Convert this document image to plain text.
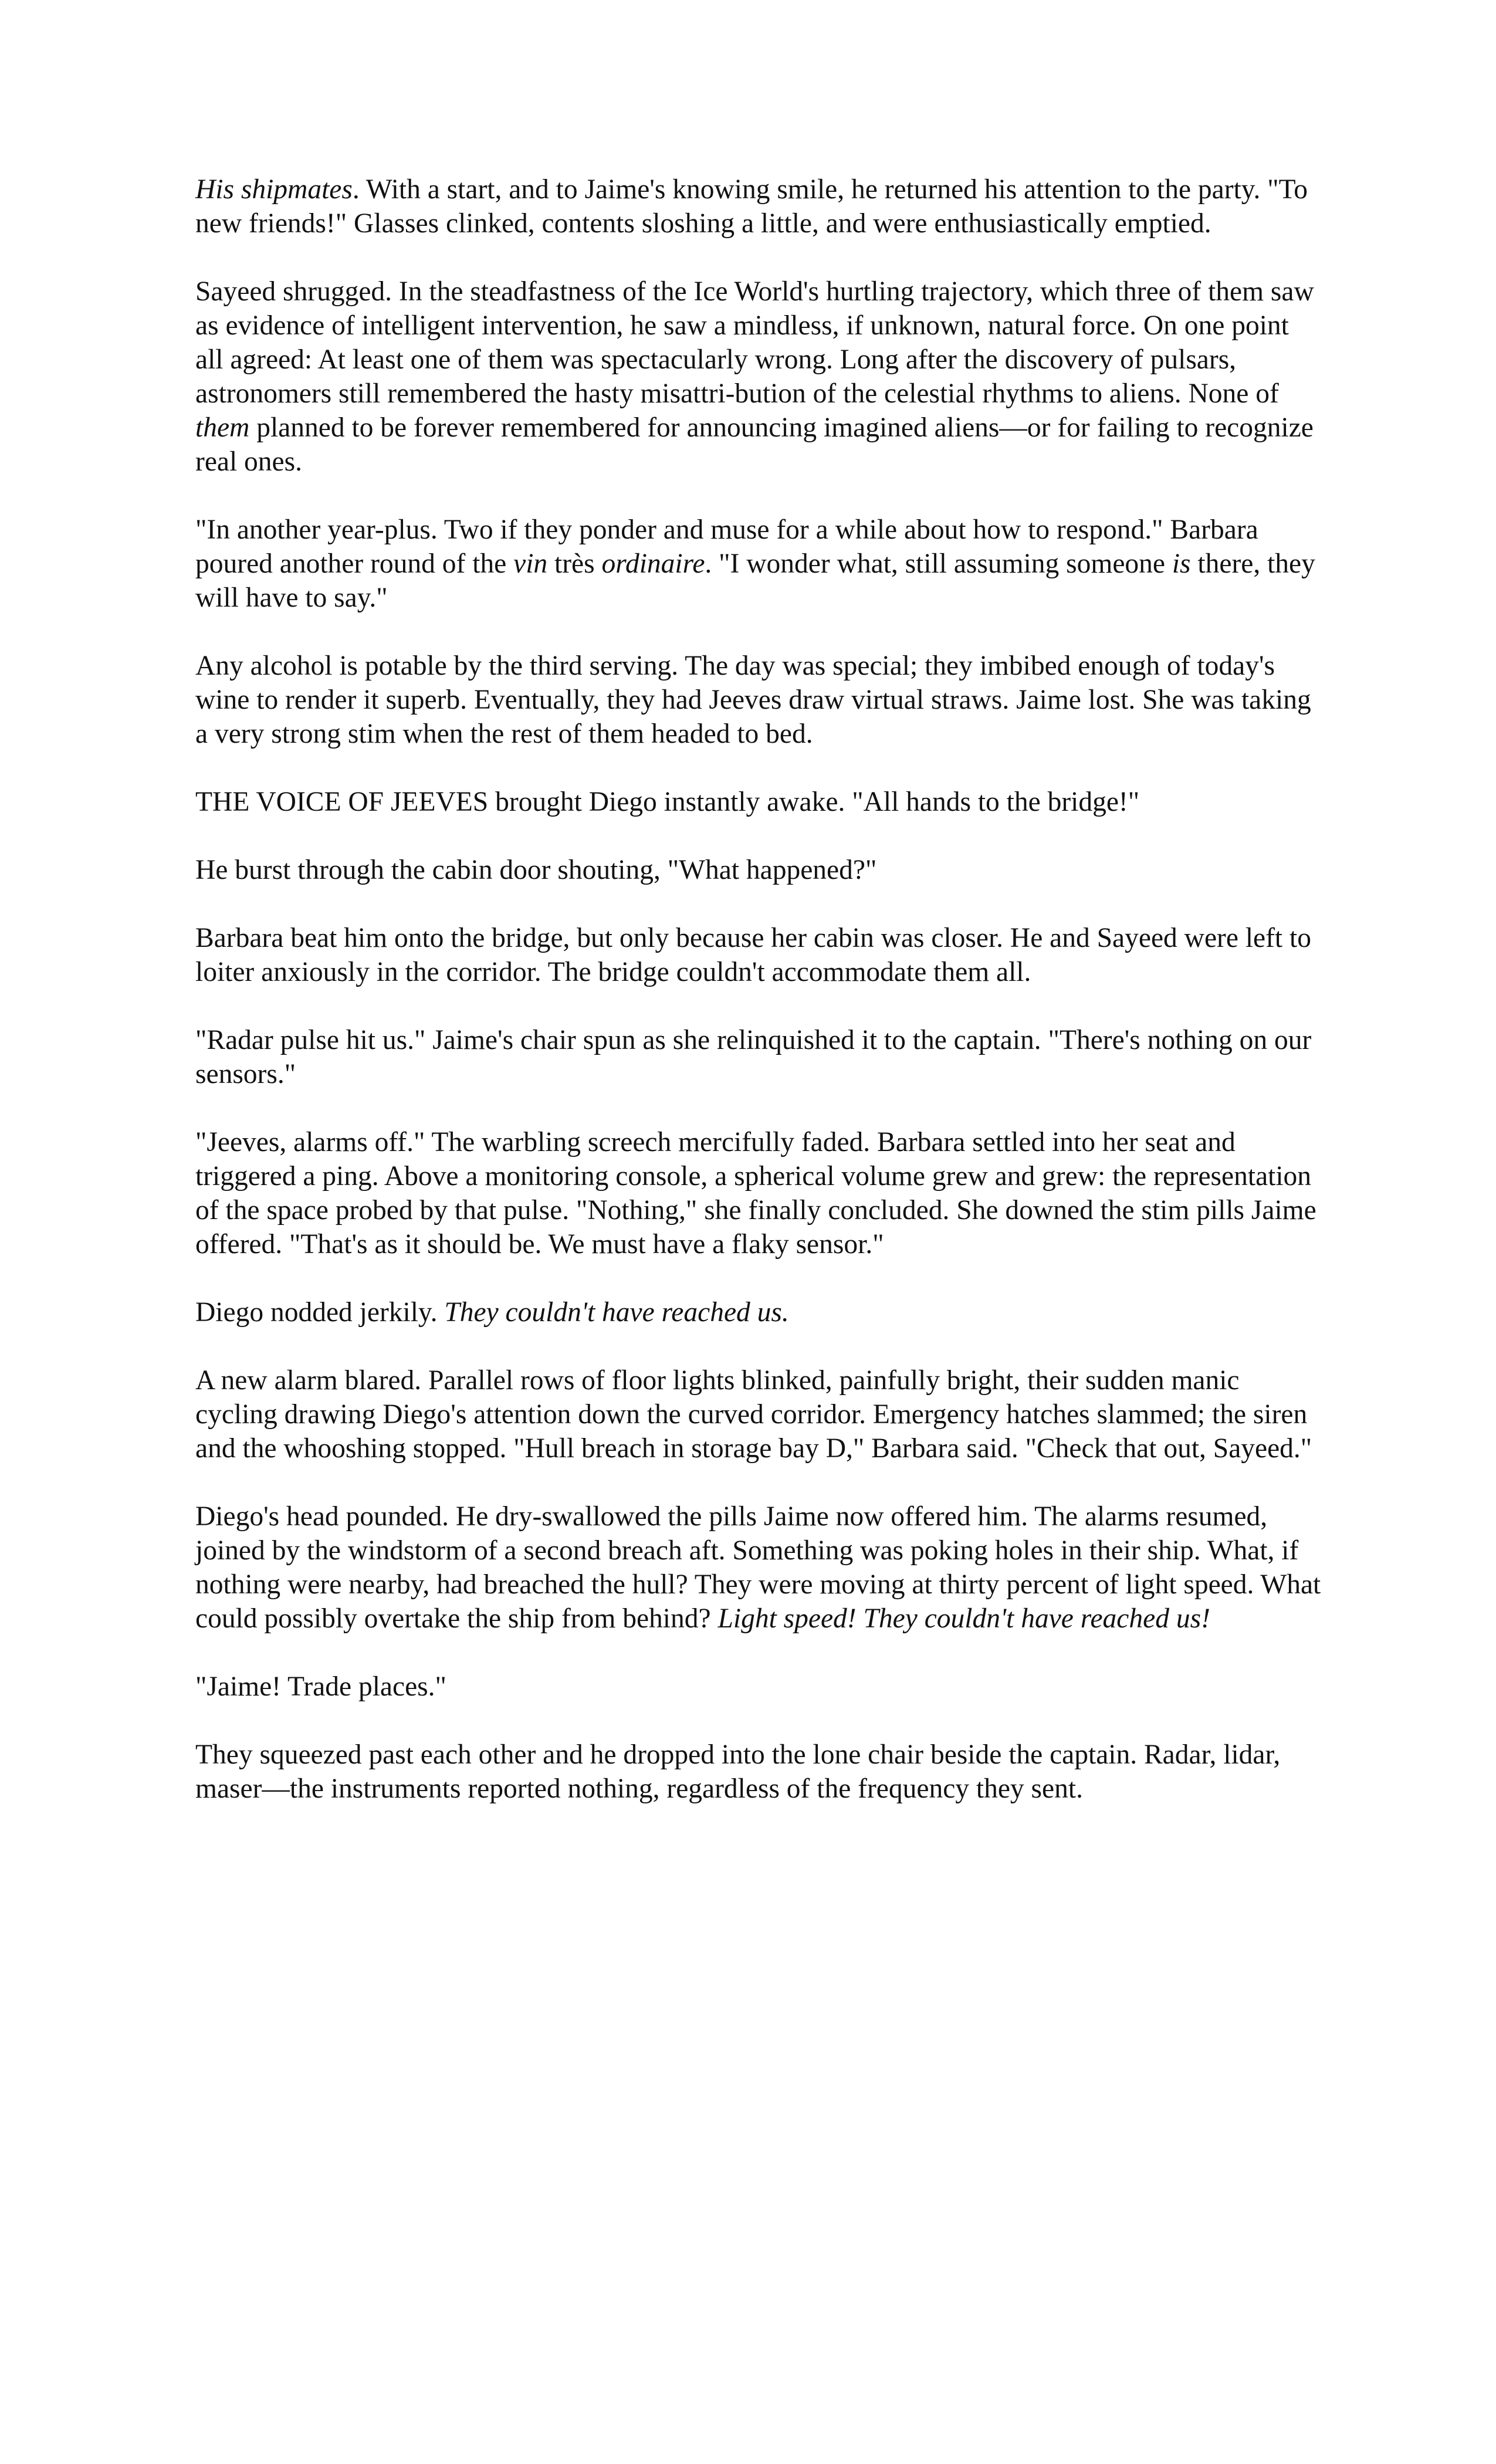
His shipmates. With a start, and to Jaime's knowing smile, he returned his attention to the party. "To new friends!" Glasses clinked, contents sloshing a little, and were enthusiastically emptied.

Sayeed shrugged. In the steadfastness of the Ice World's hurtling trajectory, which three of them saw as evidence of intelligent intervention, he saw a mindless, if unknown, natural force. On one point all agreed: At least one of them was spectacularly wrong. Long after the discovery of pulsars, astronomers still remembered the hasty misattri-bution of the celestial rhythms to aliens. None of them planned to be forever remembered for announcing imagined aliens—or for failing to recognize real ones.

"In another year-plus. Two if they ponder and muse for a while about how to respond." Barbara poured another round of the vin très ordinaire. "I wonder what, still assuming someone is there, they will have to say."

Any alcohol is potable by the third serving. The day was special; they imbibed enough of today's wine to render it superb. Eventually, they had Jeeves draw virtual straws. Jaime lost. She was taking a very strong stim when the rest of them headed to bed.

THE VOICE OF JEEVES brought Diego instantly awake. "All hands to the bridge!"

He burst through the cabin door shouting, "What happened?"

Barbara beat him onto the bridge, but only because her cabin was closer. He and Sayeed were left to loiter anxiously in the corridor. The bridge couldn't accommodate them all.

"Radar pulse hit us." Jaime's chair spun as she relinquished it to the captain. "There's nothing on our sensors."

"Jeeves, alarms off." The warbling screech mercifully faded. Barbara settled into her seat and triggered a ping. Above a monitoring console, a spherical volume grew and grew: the representation of the space probed by that pulse. "Nothing," she finally concluded. She downed the stim pills Jaime offered. "That's as it should be. We must have a flaky sensor."

Diego nodded jerkily. They couldn't have reached us.

A new alarm blared. Parallel rows of floor lights blinked, painfully bright, their sudden manic cycling drawing Diego's attention down the curved corridor. Emergency hatches slammed; the siren and the whooshing stopped. "Hull breach in storage bay D," Barbara said. "Check that out, Sayeed."

Diego's head pounded. He dry-swallowed the pills Jaime now offered him. The alarms resumed, joined by the windstorm of a second breach aft. Something was poking holes in their ship. What, if nothing were nearby, had breached the hull? They were moving at thirty percent of light speed. What could possibly overtake the ship from behind? Light speed! They couldn't have reached us!

"Jaime! Trade places."

They squeezed past each other and he dropped into the lone chair beside the captain. Radar, lidar, maser—the instruments reported nothing, regardless of the frequency they sent.
